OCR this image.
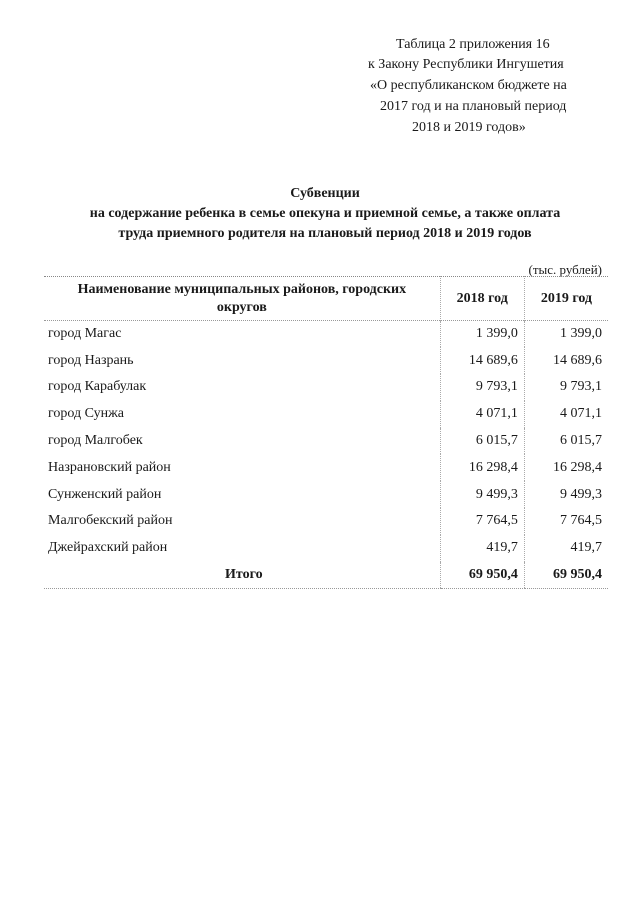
Таблица 2 приложения 16
к Закону Республики Ингушетия
«О республиканском бюджете на
2017 год и на плановый период
2018 и 2019 годов»
Субвенции
на содержание ребенка в семье опекуна и приемной семье, а также оплата
труда приемного родителя на плановый период 2018 и 2019 годов
(тыс. рублей)
Наименование муниципальных районов, городских округов	2018 год	2019 год
город Магас	1 399,0	1 399,0
город Назрань	14 689,6	14 689,6
город Карабулак	9 793,1	9 793,1
город Сунжа	4 071,1	4 071,1
город Малгобек	6 015,7	6 015,7
Назрановский район	16 298,4	16 298,4
Сунженский район	9 499,3	9 499,3
Малгобекский район	7 764,5	7 764,5
Джейрахский район	419,7	419,7
Итого	69 950,4	69 950,4
